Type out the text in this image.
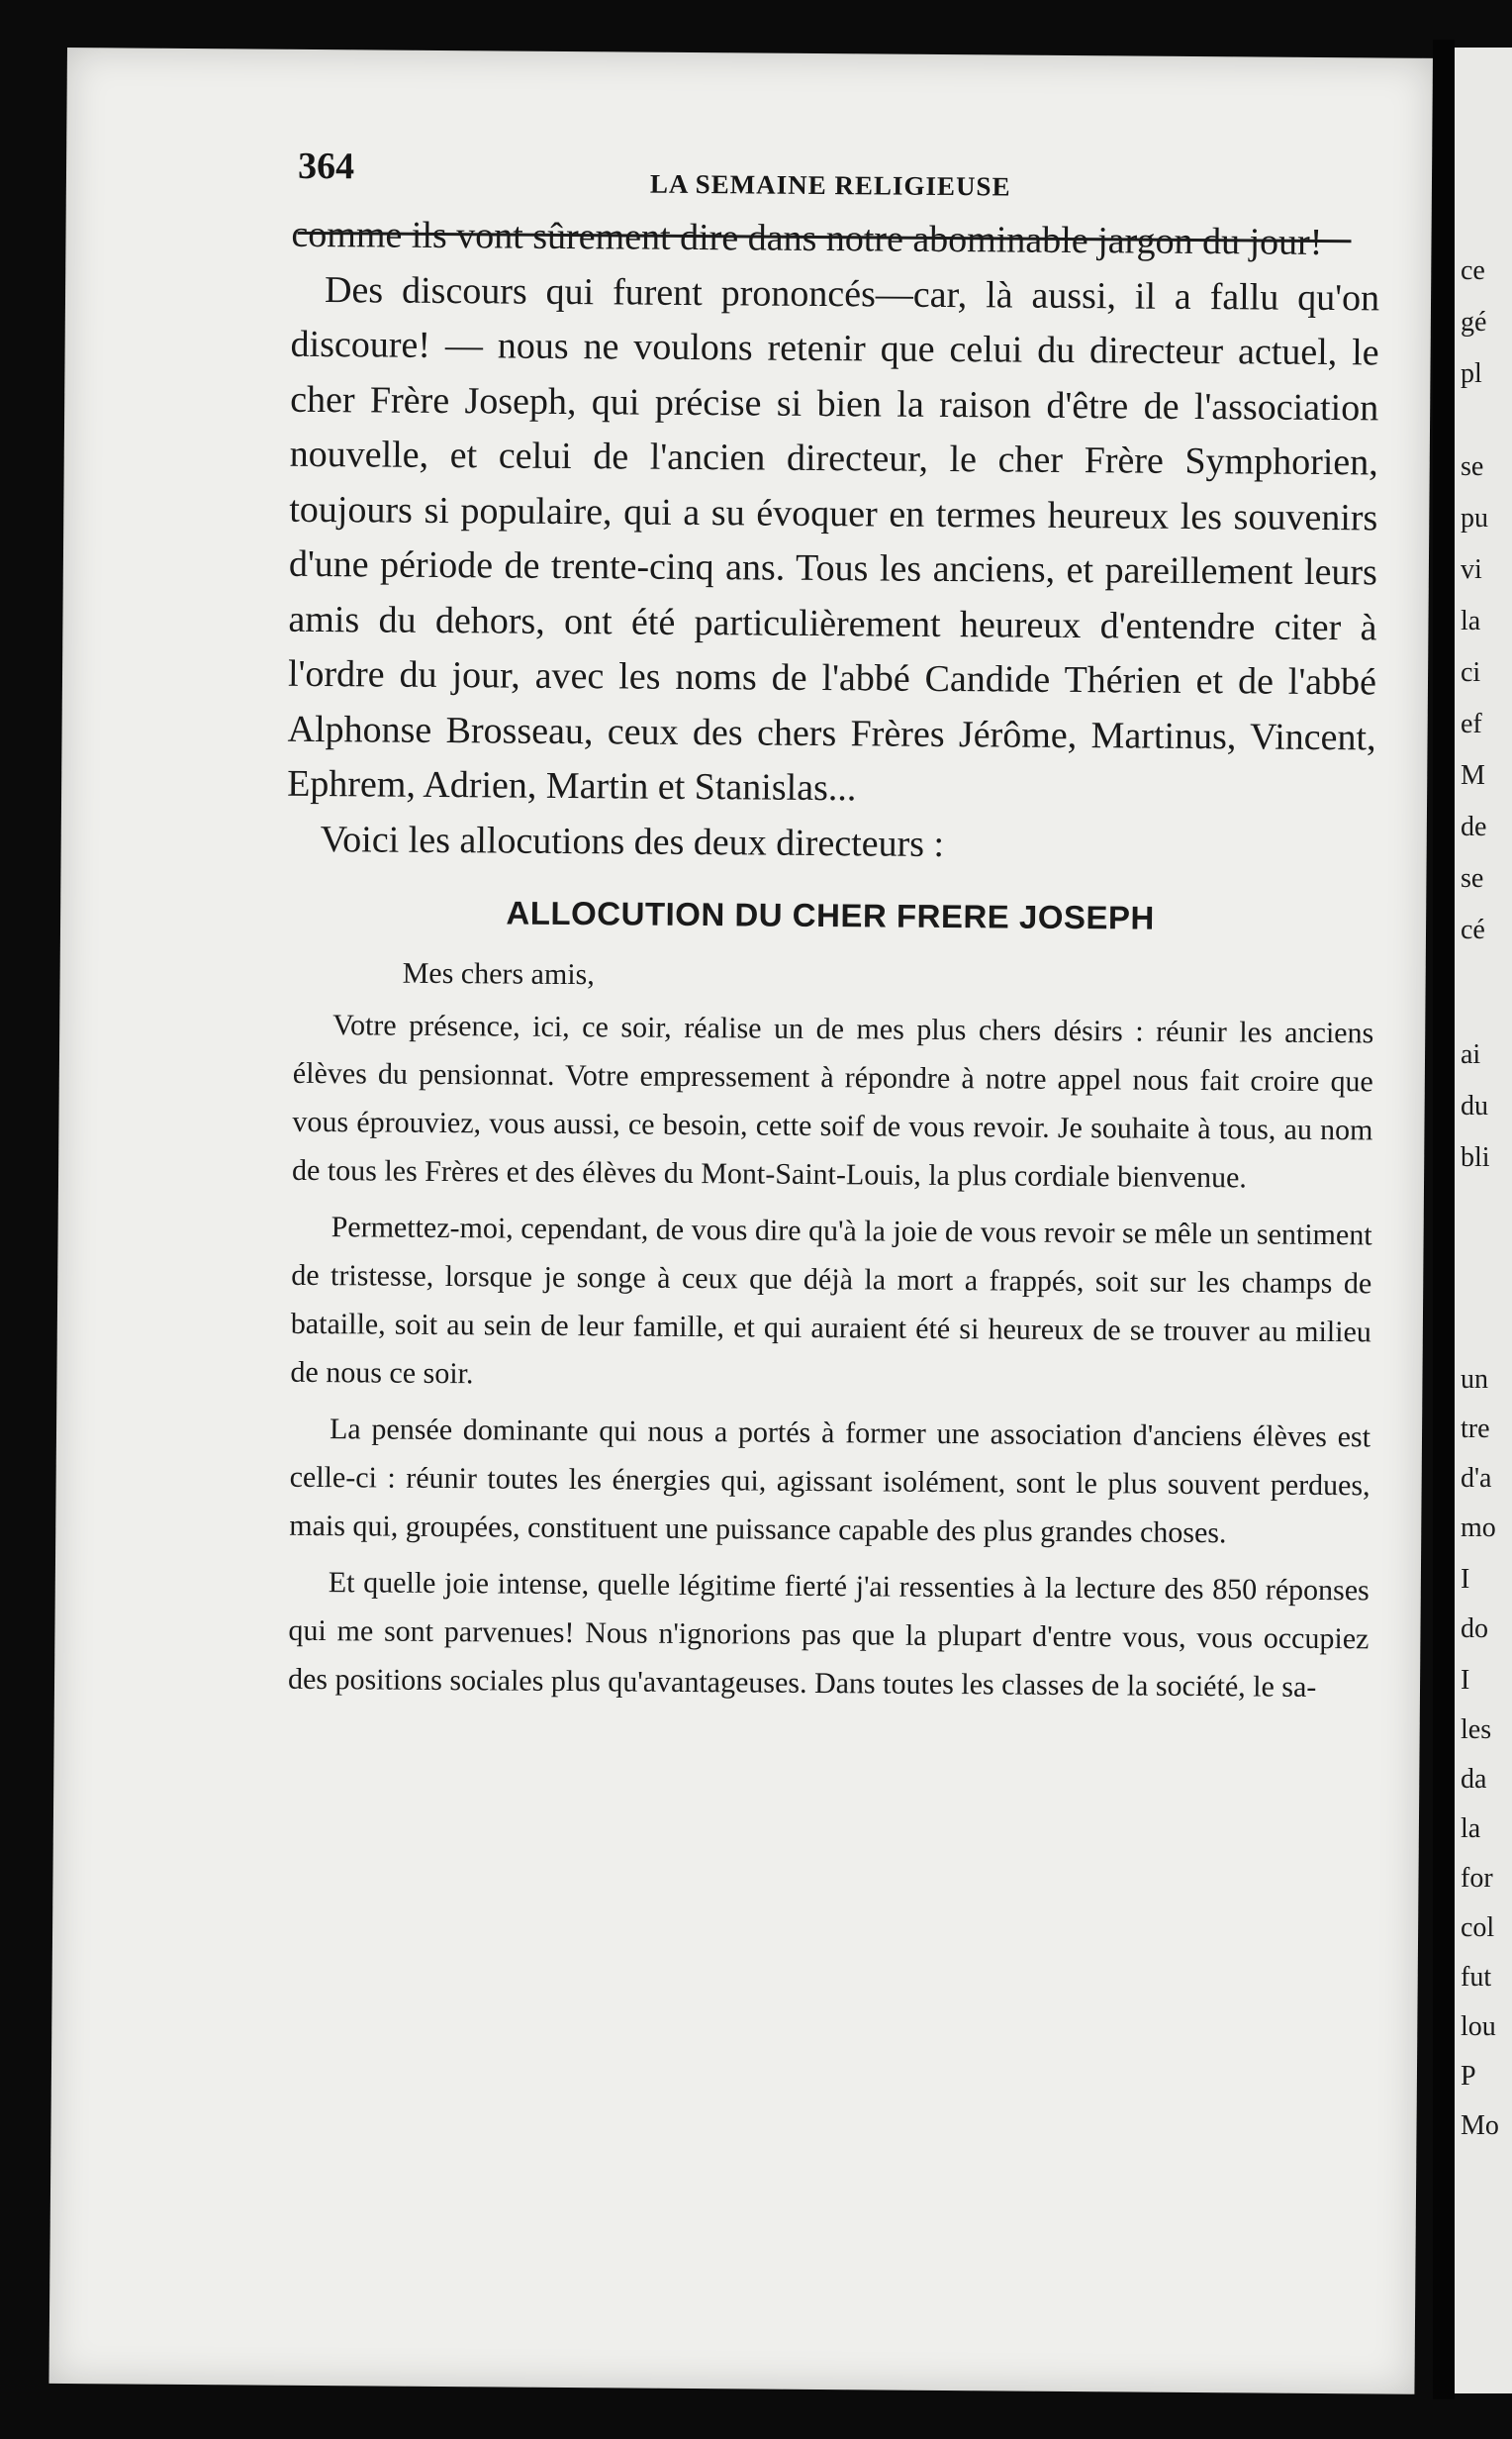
364	LA SEMAINE RELIGIEUSE

comme ils vont sûrement dire dans notre abominable jargon du jour!

Des discours qui furent prononcés—car, là aussi, il a fallu qu'on discoure! — nous ne voulons retenir que celui du directeur actuel, le cher Frère Joseph, qui précise si bien la raison d'être de l'association nouvelle, et celui de l'ancien directeur, le cher Frère Symphorien, toujours si populaire, qui a su évoquer en termes heureux les souvenirs d'une période de trente-cinq ans. Tous les anciens, et pareillement leurs amis du dehors, ont été particulièrement heureux d'entendre citer à l'ordre du jour, avec les noms de l'abbé Candide Thérien et de l'abbé Alphonse Brosseau, ceux des chers Frères Jérôme, Martinus, Vincent, Ephrem, Adrien, Martin et Stanislas...

Voici les allocutions des deux directeurs :

ALLOCUTION DU CHER FRERE JOSEPH

Mes chers amis,

Votre présence, ici, ce soir, réalise un de mes plus chers désirs : réunir les anciens élèves du pensionnat. Votre empressement à répondre à notre appel nous fait croire que vous éprouviez, vous aussi, ce besoin, cette soif de vous revoir. Je souhaite à tous, au nom de tous les Frères et des élèves du Mont-Saint-Louis, la plus cordiale bienvenue.

Permettez-moi, cependant, de vous dire qu'à la joie de vous revoir se mêle un sentiment de tristesse, lorsque je songe à ceux que déjà la mort a frappés, soit sur les champs de bataille, soit au sein de leur famille, et qui auraient été si heureux de se trouver au milieu de nous ce soir.

La pensée dominante qui nous a portés à former une association d'anciens élèves est celle-ci : réunir toutes les énergies qui, agissant isolément, sont le plus souvent perdues, mais qui, groupées, constituent une puissance capable des plus grandes choses.

Et quelle joie intense, quelle légitime fierté j'ai ressenties à la lecture des 850 réponses qui me sont parvenues! Nous n'ignorions pas que la plupart d'entre vous, vous occupiez des positions sociales plus qu'avantageuses. Dans toutes les classes de la société, le sa-

ce
gé
pl
se
pu
vi
la
ci
ef
M
de
se
cé
ai
du
bli
un
tre
d'a
mo
I
do
I
les
da
la
for
col
fut
lou
P
Mo
